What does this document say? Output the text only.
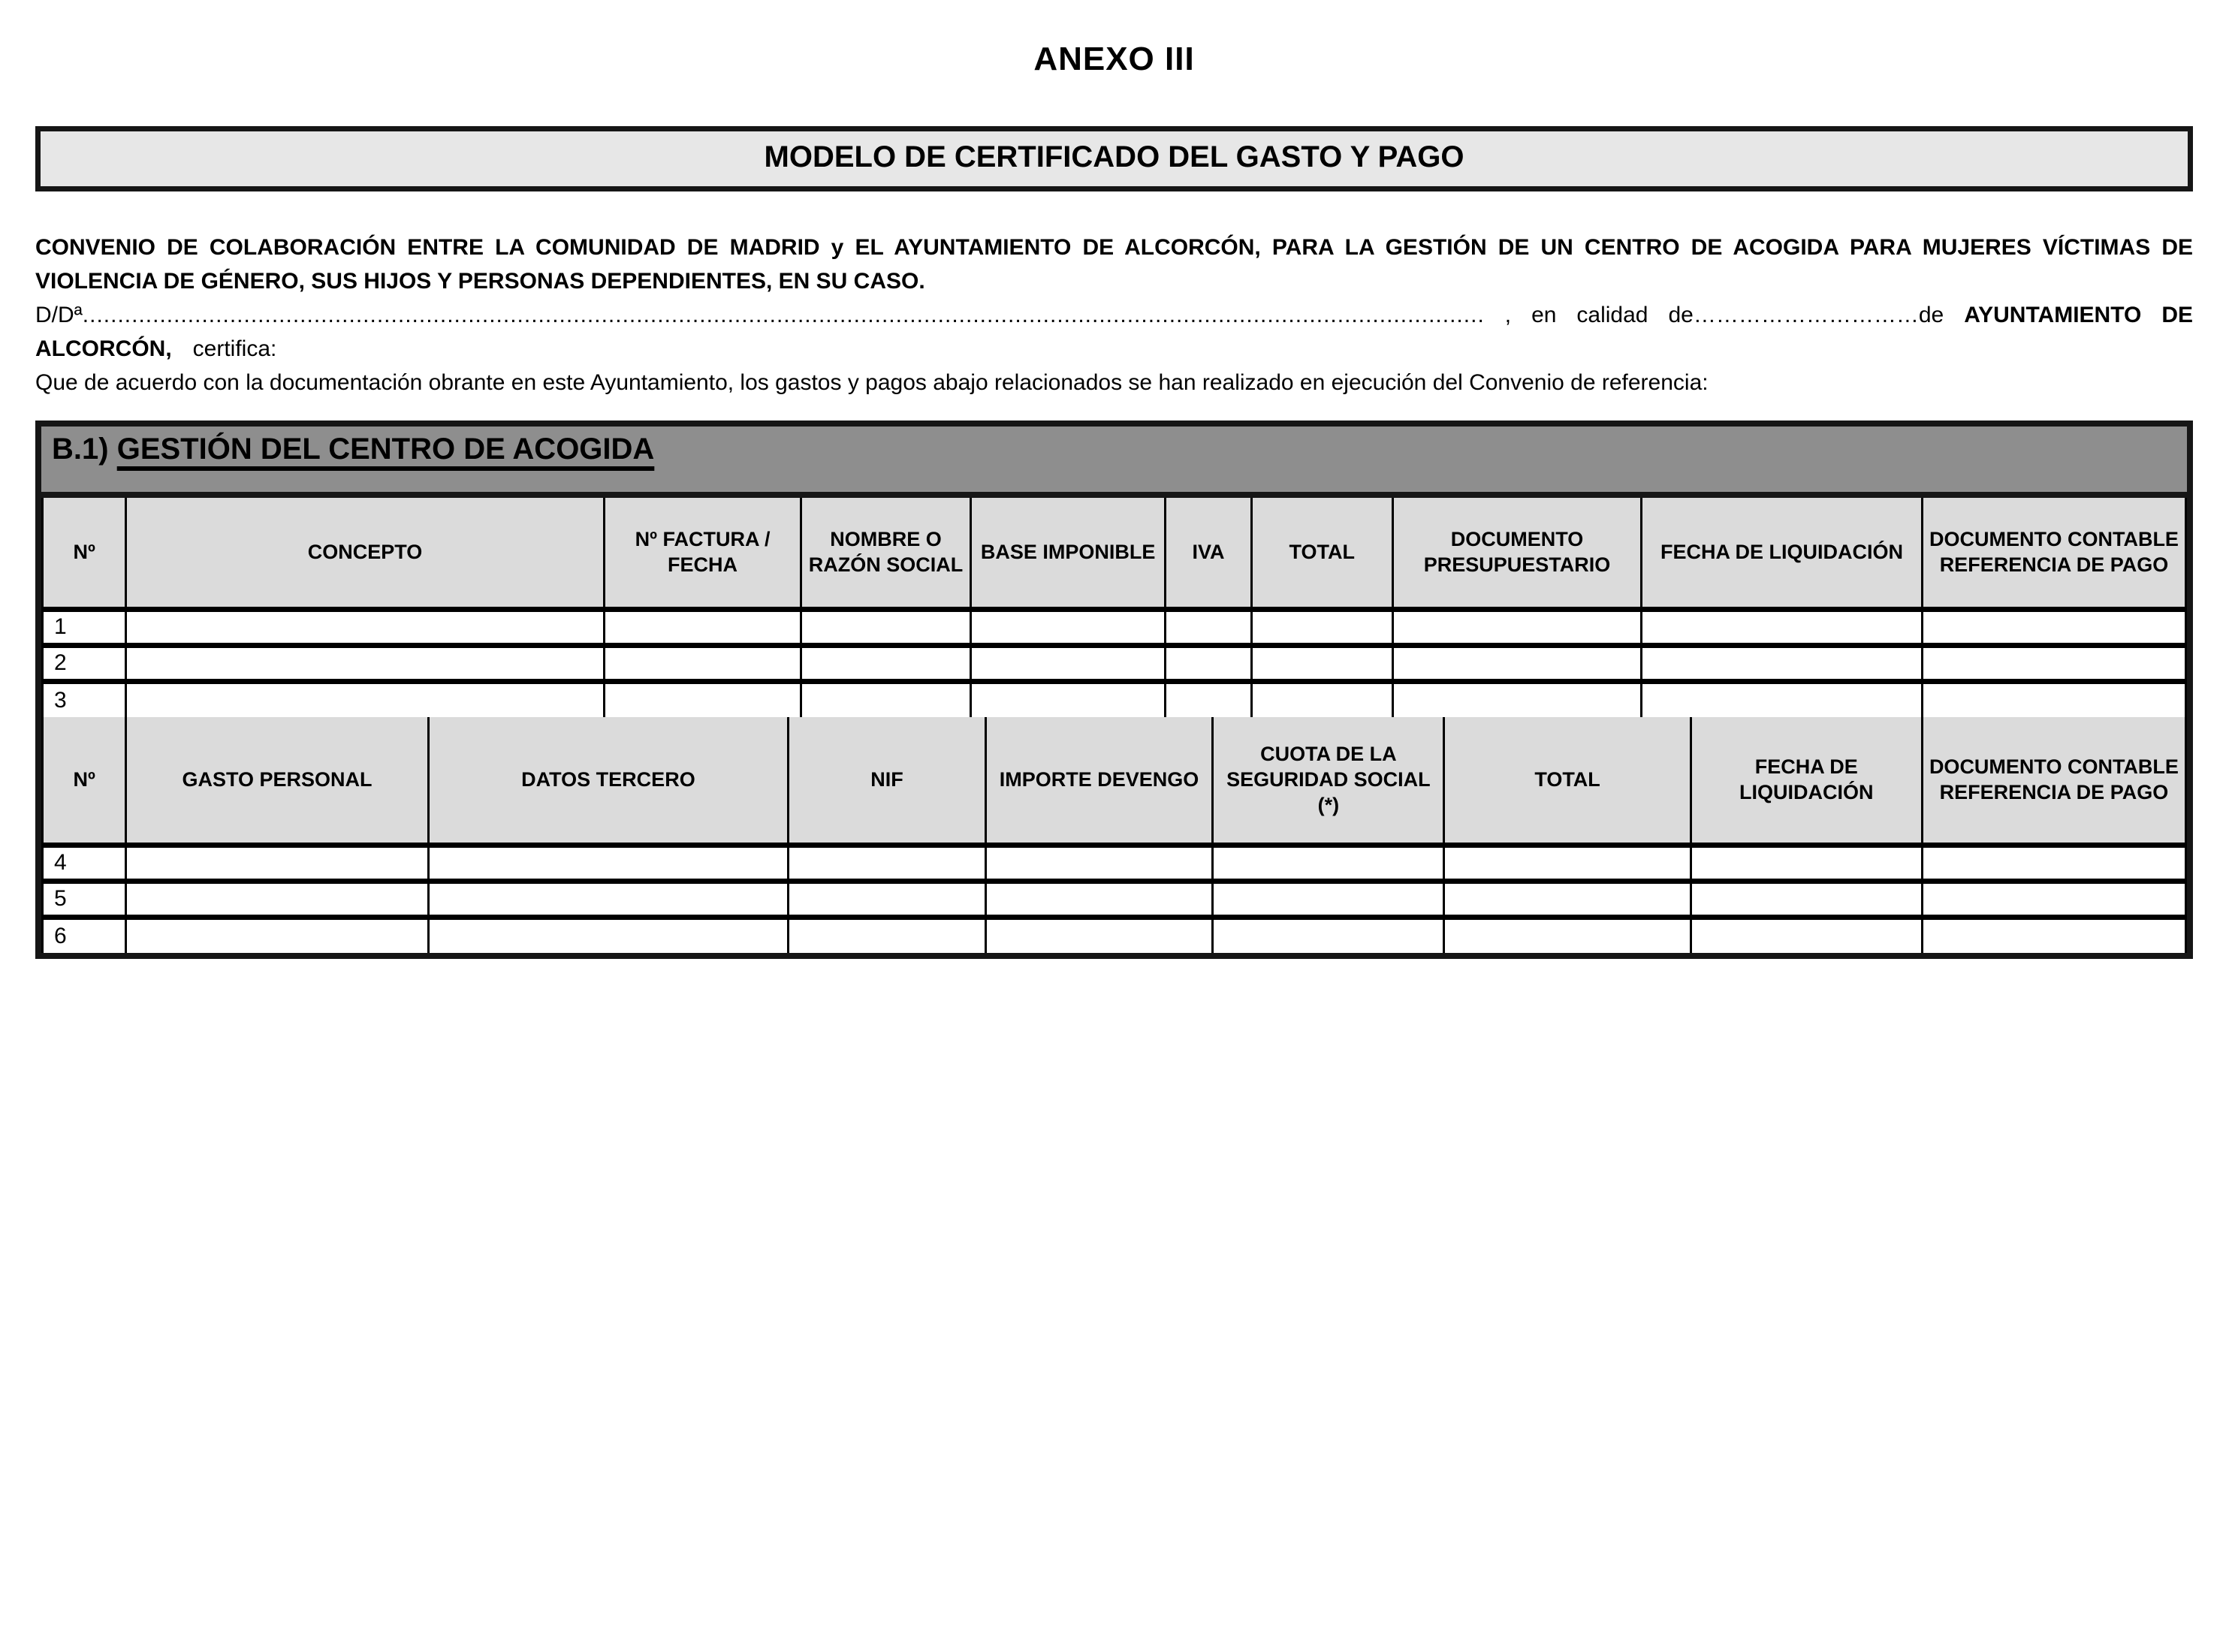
ANEXO III
MODELO DE CERTIFICADO DEL GASTO Y PAGO

CONVENIO DE COLABORACIÓN ENTRE LA COMUNIDAD DE MADRID y EL AYUNTAMIENTO DE ALCORCÓN, PARA LA GESTIÓN DE UN CENTRO DE ACOGIDA PARA MUJERES VÍCTIMAS DE VIOLENCIA DE GÉNERO, SUS HIJOS Y PERSONAS DEPENDIENTES, EN SU CASO.

D/Dª........................................................................................................................................................................................................ , en calidad de…………………………de AYUNTAMIENTO DE ALCORCÓN, certifica:

Que de acuerdo con la documentación obrante en este Ayuntamiento, los gastos y pagos abajo relacionados se han realizado en ejecución del Convenio de referencia:

B.1) GESTIÓN DEL CENTRO DE ACOGIDA
Nº	CONCEPTO	Nº FACTURA / FECHA	NOMBRE O RAZÓN SOCIAL	BASE IMPONIBLE	IVA	TOTAL	DOCUMENTO PRESUPUESTARIO	FECHA DE LIQUIDACIÓN	DOCUMENTO CONTABLE REFERENCIA DE PAGO
1									
2									
3									
Nº	GASTO PERSONAL	DATOS TERCERO	NIF	IMPORTE DEVENGO	CUOTA DE LA SEGURIDAD SOCIAL (*)	TOTAL	FECHA DE LIQUIDACIÓN	DOCUMENTO CONTABLE REFERENCIA DE PAGO
4								
5								
6								
